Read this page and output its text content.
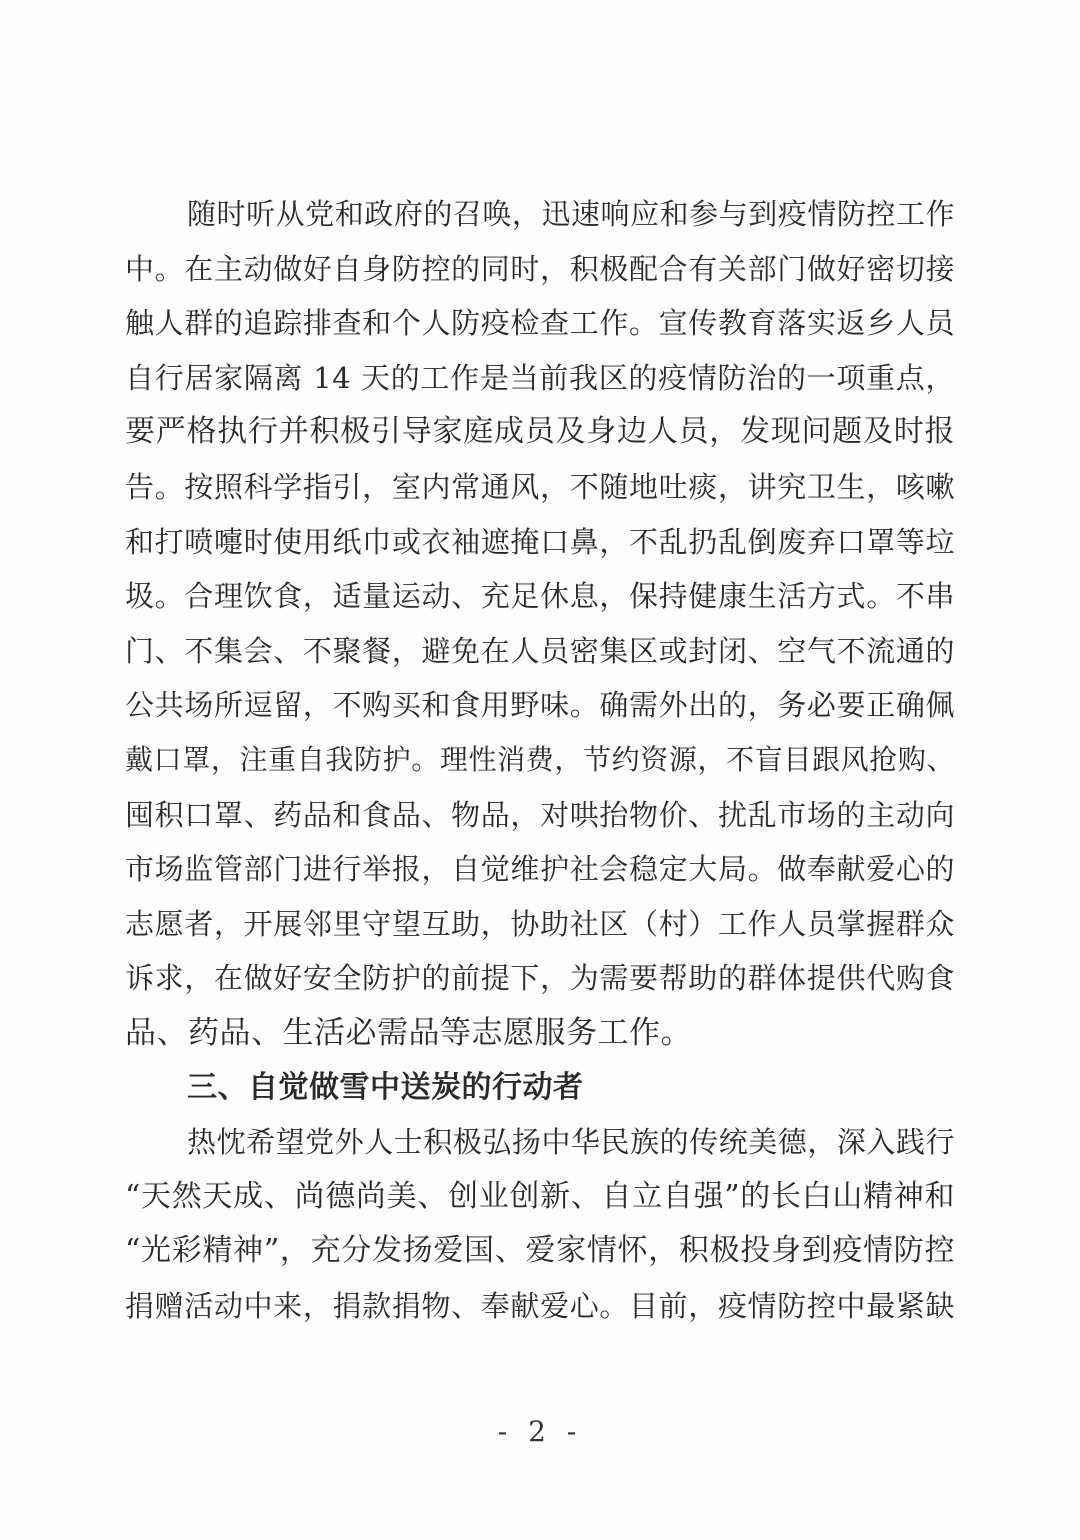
随时听从党和政府的召唤，迅速响应和参与到疫情防控工作
中。在主动做好自身防控的同时，积极配合有关部门做好密切接
触人群的追踪排查和个人防疫检查工作。宣传教育落实返乡人员
自行居家隔离 14 天的工作是当前我区的疫情防治的一项重点，
要严格执行并积极引导家庭成员及身边人员，发现问题及时报
告。按照科学指引，室内常通风，不随地吐痰，讲究卫生，咳嗽
和打喷嚏时使用纸巾或衣袖遮掩口鼻，不乱扔乱倒废弃口罩等垃
圾。合理饮食，适量运动、充足休息，保持健康生活方式。不串
门、不集会、不聚餐，避免在人员密集区或封闭、空气不流通的
公共场所逗留，不购买和食用野味。确需外出的，务必要正确佩
戴口罩，注重自我防护。理性消费，节约资源，不盲目跟风抢购、
囤积口罩、药品和食品、物品，对哄抬物价、扰乱市场的主动向
市场监管部门进行举报，自觉维护社会稳定大局。做奉献爱心的
志愿者，开展邻里守望互助，协助社区（村）工作人员掌握群众
诉求，在做好安全防护的前提下，为需要帮助的群体提供代购食
品、药品、生活必需品等志愿服务工作。
三、自觉做雪中送炭的行动者
热忱希望党外人士积极弘扬中华民族的传统美德，深入践行
“天然天成、尚德尚美、创业创新、自立自强”的长白山精神和
“光彩精神”，充分发扬爱国、爱家情怀，积极投身到疫情防控
捐赠活动中来，捐款捐物、奉献爱心。目前，疫情防控中最紧缺
- 2 -
